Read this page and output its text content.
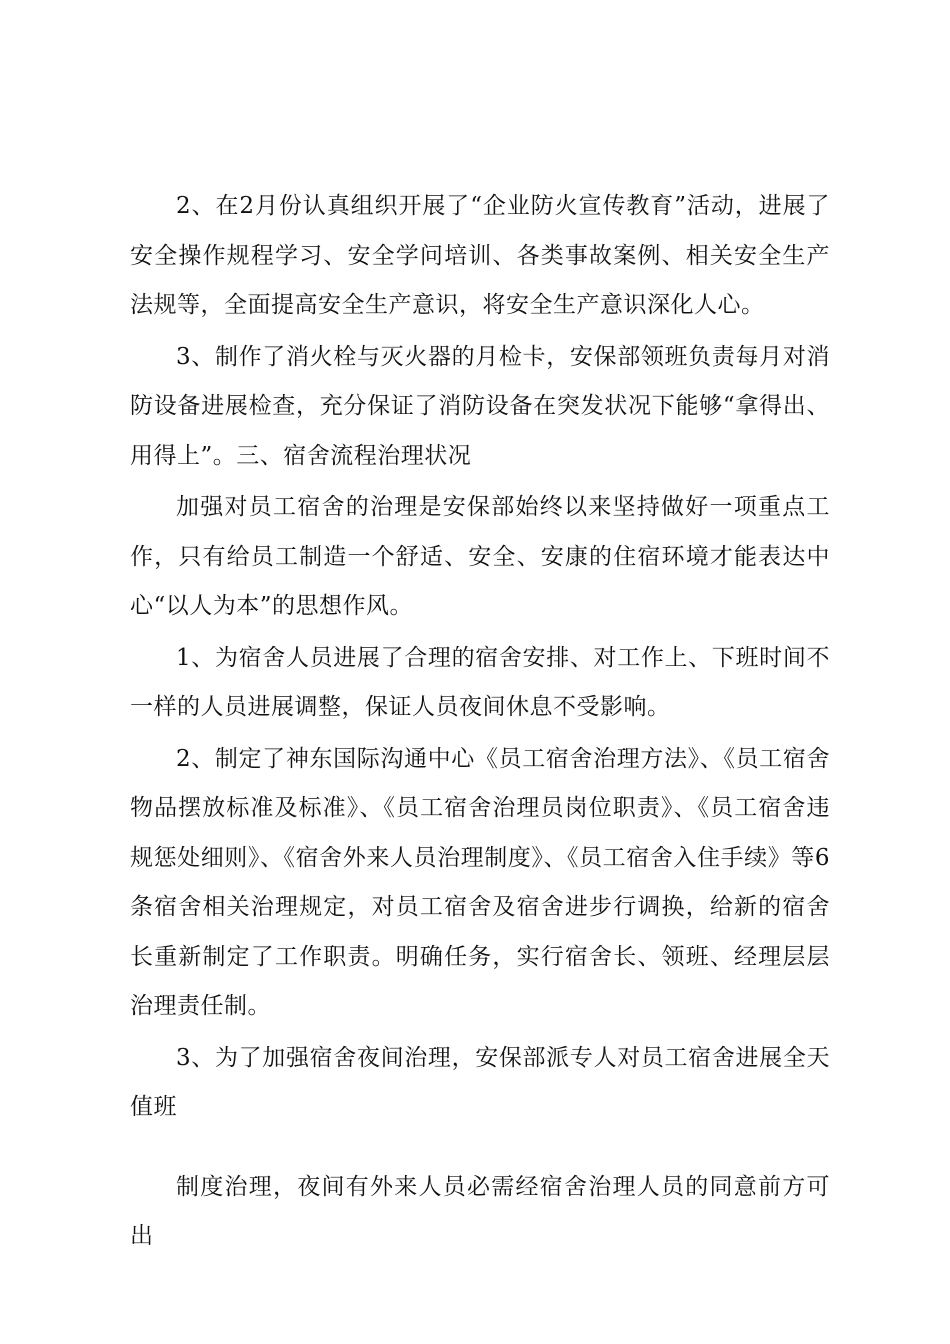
2、在2月份认真组织开展了“企业防火宣传教育”活动，进展了安全操作规程学习、安全学问培训、各类事故案例、相关安全生产法规等，全面提高安全生产意识，将安全生产意识深化人心。

3、制作了消火栓与灭火器的月检卡，安保部领班负责每月对消防设备进展检查，充分保证了消防设备在突发状况下能够“拿得出、用得上”。三、宿舍流程治理状况

加强对员工宿舍的治理是安保部始终以来坚持做好一项重点工作，只有给员工制造一个舒适、安全、安康的住宿环境才能表达中心“以人为本”的思想作风。

1、为宿舍人员进展了合理的宿舍安排、对工作上、下班时间不一样的人员进展调整，保证人员夜间休息不受影响。

2、制定了神东国际沟通中心《员工宿舍治理方法》、《员工宿舍物品摆放标准及标准》、《员工宿舍治理员岗位职责》、《员工宿舍违规惩处细则》、《宿舍外来人员治理制度》、《员工宿舍入住手续》等6条宿舍相关治理规定，对员工宿舍及宿舍进步行调换，给新的宿舍长重新制定了工作职责。明确任务，实行宿舍长、领班、经理层层治理责任制。

3、为了加强宿舍夜间治理，安保部派专人对员工宿舍进展全天值班

制度治理，夜间有外来人员必需经宿舍治理人员的同意前方可出
